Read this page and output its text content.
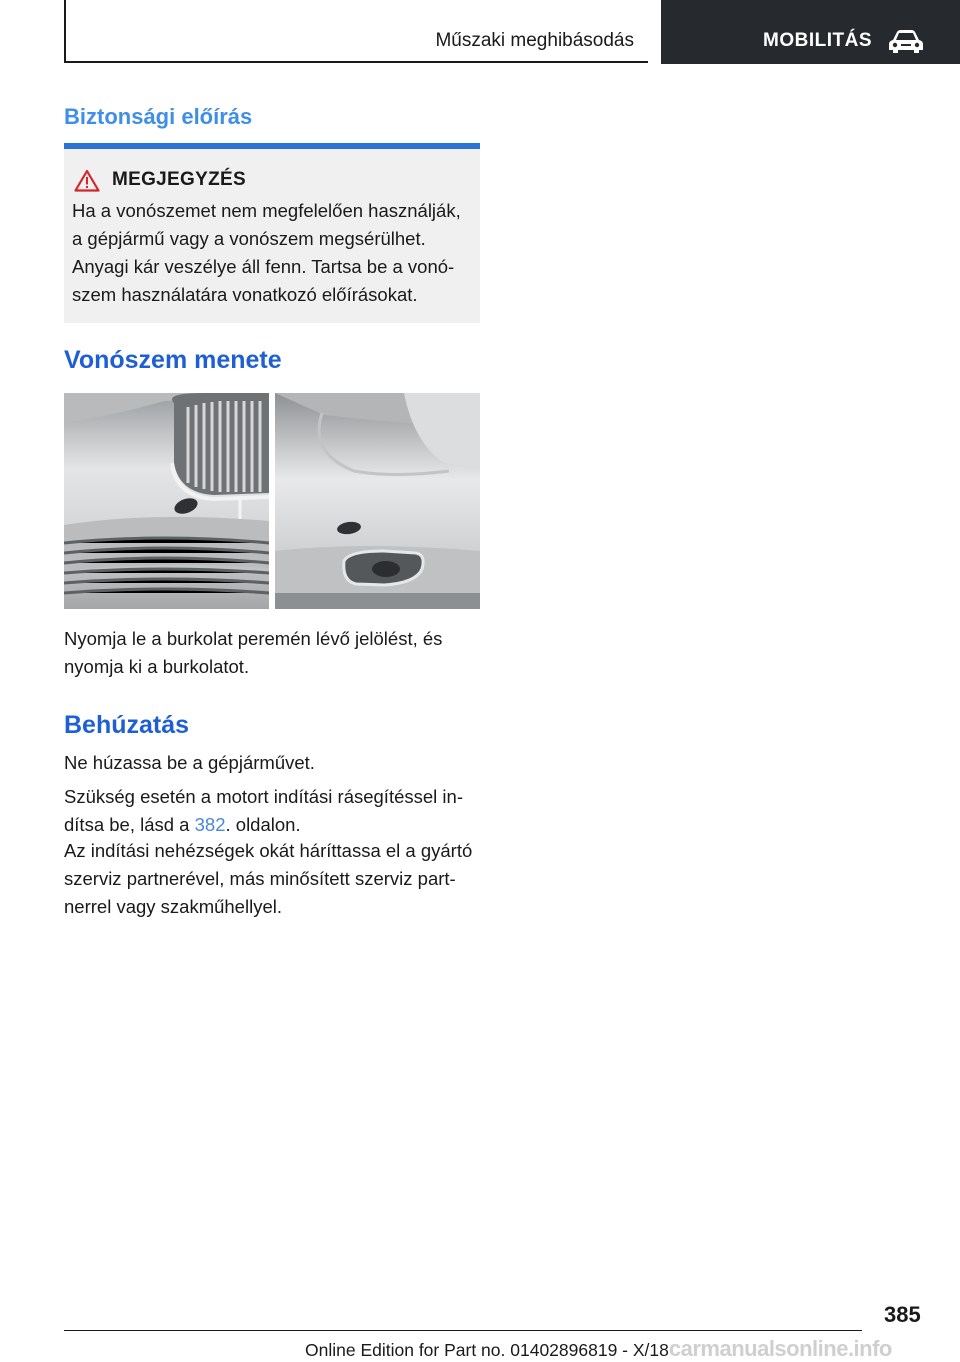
Műszaki meghibásodás	MOBILITÁS
Biztonsági előírás
MEGJEGYZÉS
Ha a vonószemet nem megfelelően használják,
a gépjármű vagy a vonószem megsérülhet.
Anyagi kár veszélye áll fenn. Tartsa be a vonó-
szem használatára vonatkozó előírásokat.
Vonószem menete
Nyomja le a burkolat peremén lévő jelölést, és
nyomja ki a burkolatot.
Behúzatás
Ne húzassa be a gépjárművet.
Szükség esetén a motort indítási rásegítéssel in-
dítsa be, lásd a 382. oldalon.
Az indítási nehézségek okát háríttassa el a gyártó
szerviz partnerével, más minősített szerviz part-
nerrel vagy szakműhellyel.
385
Online Edition for Part no. 01402896819 - X/18carmanualsonline.info
